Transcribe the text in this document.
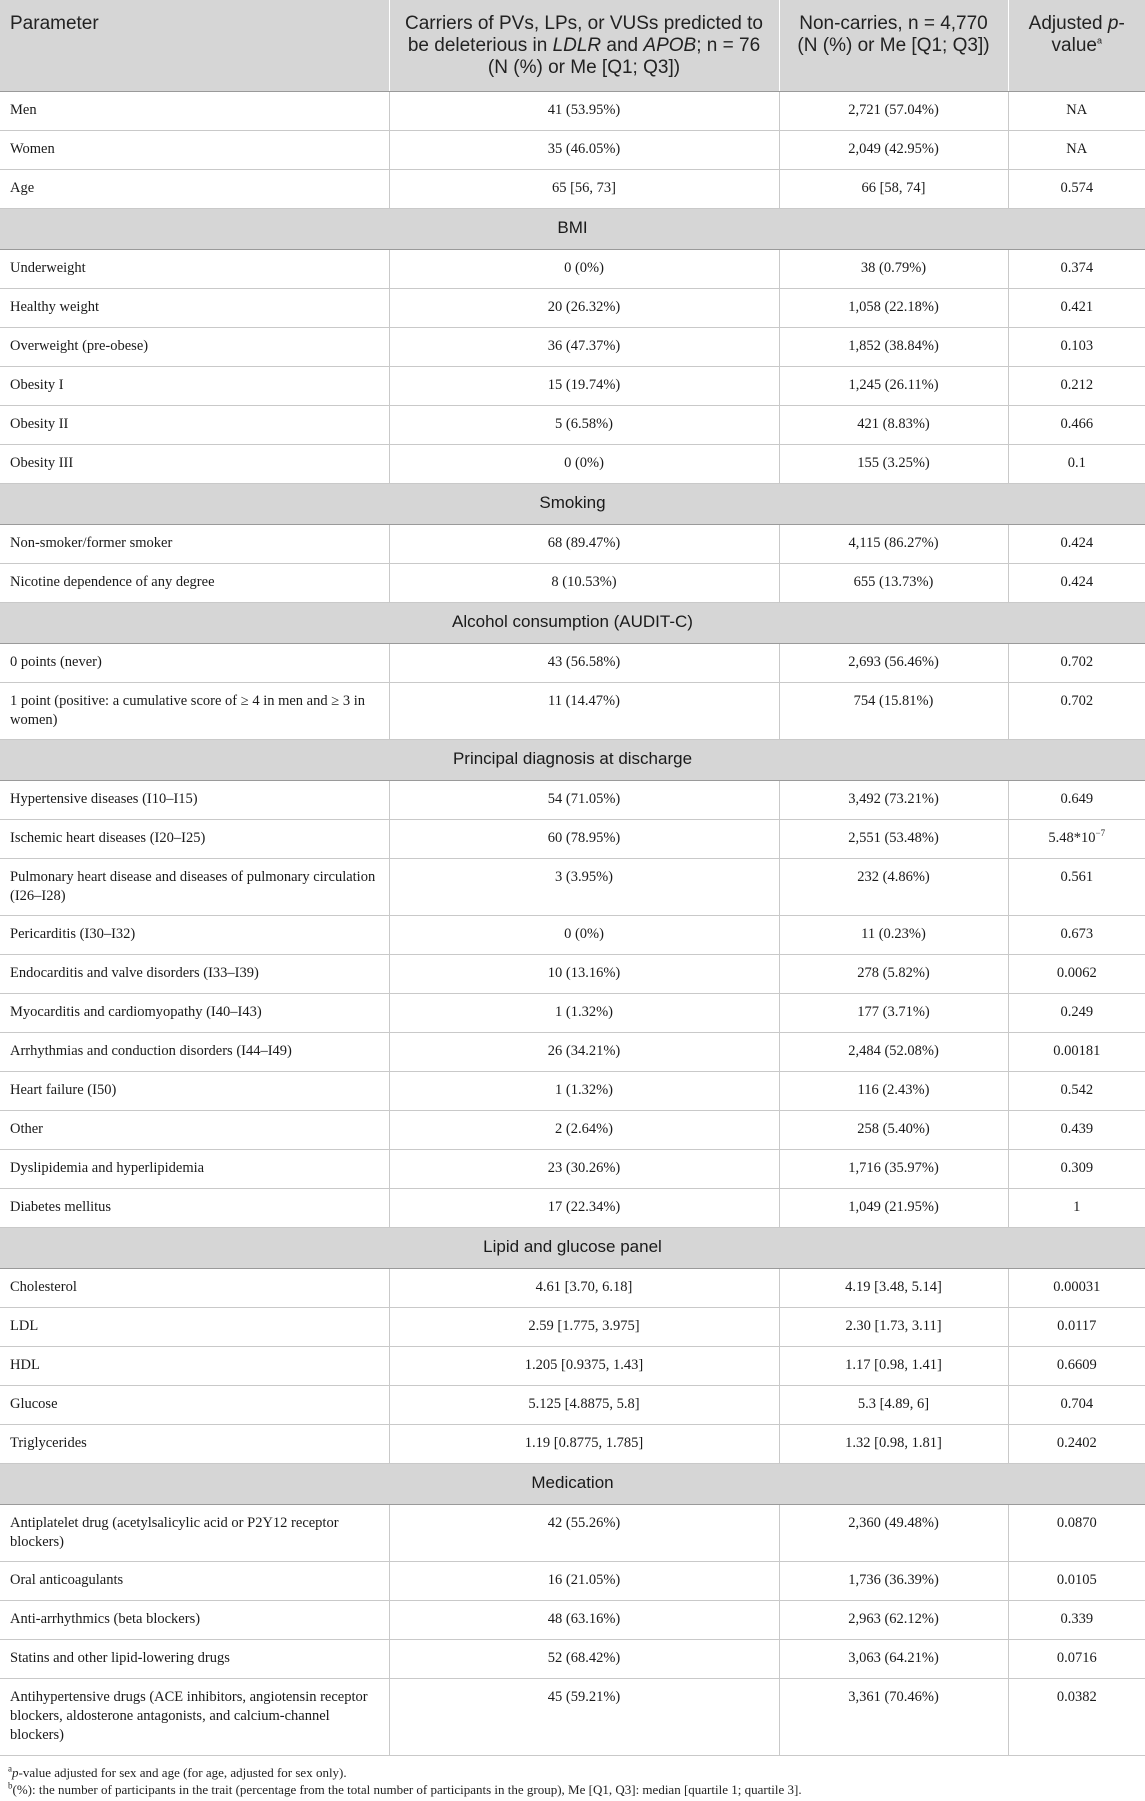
Parameter	Carriers of PVs, LPs, or VUSs predicted to be deleterious in LDLR and APOB; n = 76 (N (%) or Me [Q1; Q3])	Non-carries, n = 4,770 (N (%) or Me [Q1; Q3])	Adjusted p-value$^a$
Men	41 (53.95%)	2,721 (57.04%)	NA
Women	35 (46.05%)	2,049 (42.95%)	NA
Age	65 [56, 73]	66 [58, 74]	0.574
BMI			
Underweight	0 (0%)	38 (0.79%)	0.374
Healthy weight	20 (26.32%)	1,058 (22.18%)	0.421
Overweight (pre-obese)	36 (47.37%)	1,852 (38.84%)	0.103
Obesity I	15 (19.74%)	1,245 (26.11%)	0.212
Obesity II	5 (6.58%)	421 (8.83%)	0.466
Obesity III	0 (0%)	155 (3.25%)	0.1
Smoking			
Non-smoker/former smoker	68 (89.47%)	4,115 (86.27%)	0.424
Nicotine dependence of any degree	8 (10.53%)	655 (13.73%)	0.424
Alcohol consumption (AUDIT-C)			
0 points (never)	43 (56.58%)	2,693 (56.46%)	0.702
1 point (positive: a cumulative score of ≥ 4 in men and ≥ 3 in women)	11 (14.47%)	754 (15.81%)	0.702
Principal diagnosis at discharge			
Hypertensive diseases (I10–I15)	54 (71.05%)	3,492 (73.21%)	0.649
Ischemic heart diseases (I20–I25)	60 (78.95%)	2,551 (53.48%)	$5.48*10^{-7}$
Pulmonary heart disease and diseases of pulmonary circulation (I26–I28)	3 (3.95%)	232 (4.86%)	0.561
Pericarditis (I30–I32)	0 (0%)	11 (0.23%)	0.673
Endocarditis and valve disorders (I33–I39)	10 (13.16%)	278 (5.82%)	0.0062
Myocarditis and cardiomyopathy (I40–I43)	1 (1.32%)	177 (3.71%)	0.249
Arrhythmias and conduction disorders (I44–I49)	26 (34.21%)	2,484 (52.08%)	0.00181
Heart failure (I50)	1 (1.32%)	116 (2.43%)	0.542
Other	2 (2.64%)	258 (5.40%)	0.439
Dyslipidemia and hyperlipidemia	23 (30.26%)	1,716 (35.97%)	0.309
Diabetes mellitus	17 (22.34%)	1,049 (21.95%)	1
Lipid and glucose panel			
Cholesterol	4.61 [3.70, 6.18]	4.19 [3.48, 5.14]	0.00031
LDL	2.59 [1.775, 3.975]	2.30 [1.73, 3.11]	0.0117
HDL	1.205 [0.9375, 1.43]	1.17 [0.98, 1.41]	0.6609
Glucose	5.125 [4.8875, 5.8]	5.3 [4.89, 6]	0.704
Triglycerides	1.19 [0.8775, 1.785]	1.32 [0.98, 1.81]	0.2402
Medication			
Antiplatelet drug (acetylsalicylic acid or P2Y12 receptor blockers)	42 (55.26%)	2,360 (49.48%)	0.0870
Oral anticoagulants	16 (21.05%)	1,736 (36.39%)	0.0105
Anti-arrhythmics (beta blockers)	48 (63.16%)	2,963 (62.12%)	0.339
Statins and other lipid-lowering drugs	52 (68.42%)	3,063 (64.21%)	0.0716
Antihypertensive drugs (ACE inhibitors, angiotensin receptor blockers, aldosterone antagonists, and calcium-channel blockers)	45 (59.21%)	3,361 (70.46%)	0.0382

$^a$p-value adjusted for sex and age (for age, adjusted for sex only).

$^b$(%): the number of participants in the trait (percentage from the total number of participants in the group), Me [Q1, Q3]: median [quartile 1; quartile 3].
